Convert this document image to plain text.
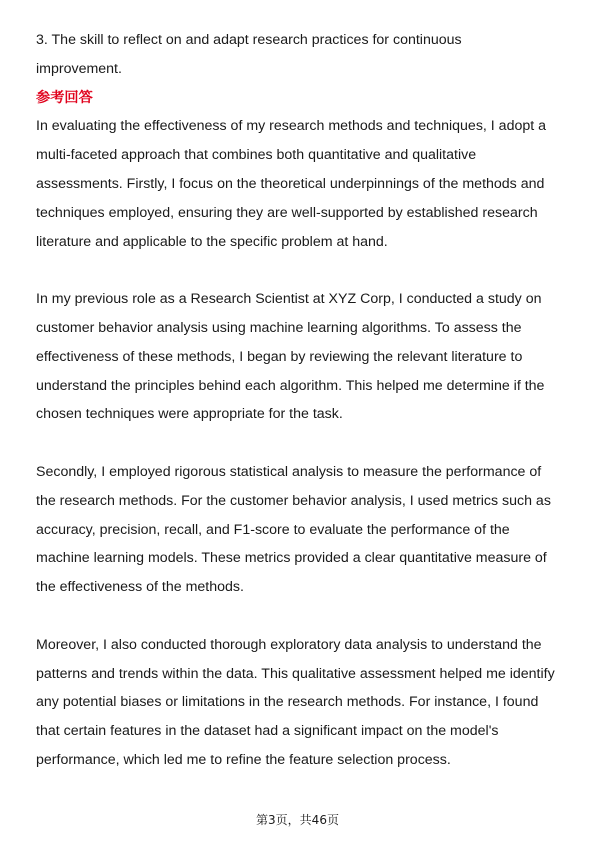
3. The skill to reflect on and adapt research practices for continuous

improvement.

参考回答

In evaluating the effectiveness of my research methods and techniques, I adopt a multi-faceted approach that combines both quantitative and qualitative assessments. Firstly, I focus on the theoretical underpinnings of the methods and techniques employed, ensuring they are well-supported by established research literature and applicable to the specific problem at hand.

In my previous role as a Research Scientist at XYZ Corp, I conducted a study on customer behavior analysis using machine learning algorithms. To assess the effectiveness of these methods, I began by reviewing the relevant literature to understand the principles behind each algorithm. This helped me determine if the chosen techniques were appropriate for the task.

Secondly, I employed rigorous statistical analysis to measure the performance of the research methods. For the customer behavior analysis, I used metrics such as accuracy, precision, recall, and F1-score to evaluate the performance of the machine learning models. These metrics provided a clear quantitative measure of the effectiveness of the methods.

Moreover, I also conducted thorough exploratory data analysis to understand the patterns and trends within the data. This qualitative assessment helped me identify any potential biases or limitations in the research methods. For instance, I found that certain features in the dataset had a significant impact on the model's performance, which led me to refine the feature selection process.

第3页，共46页
